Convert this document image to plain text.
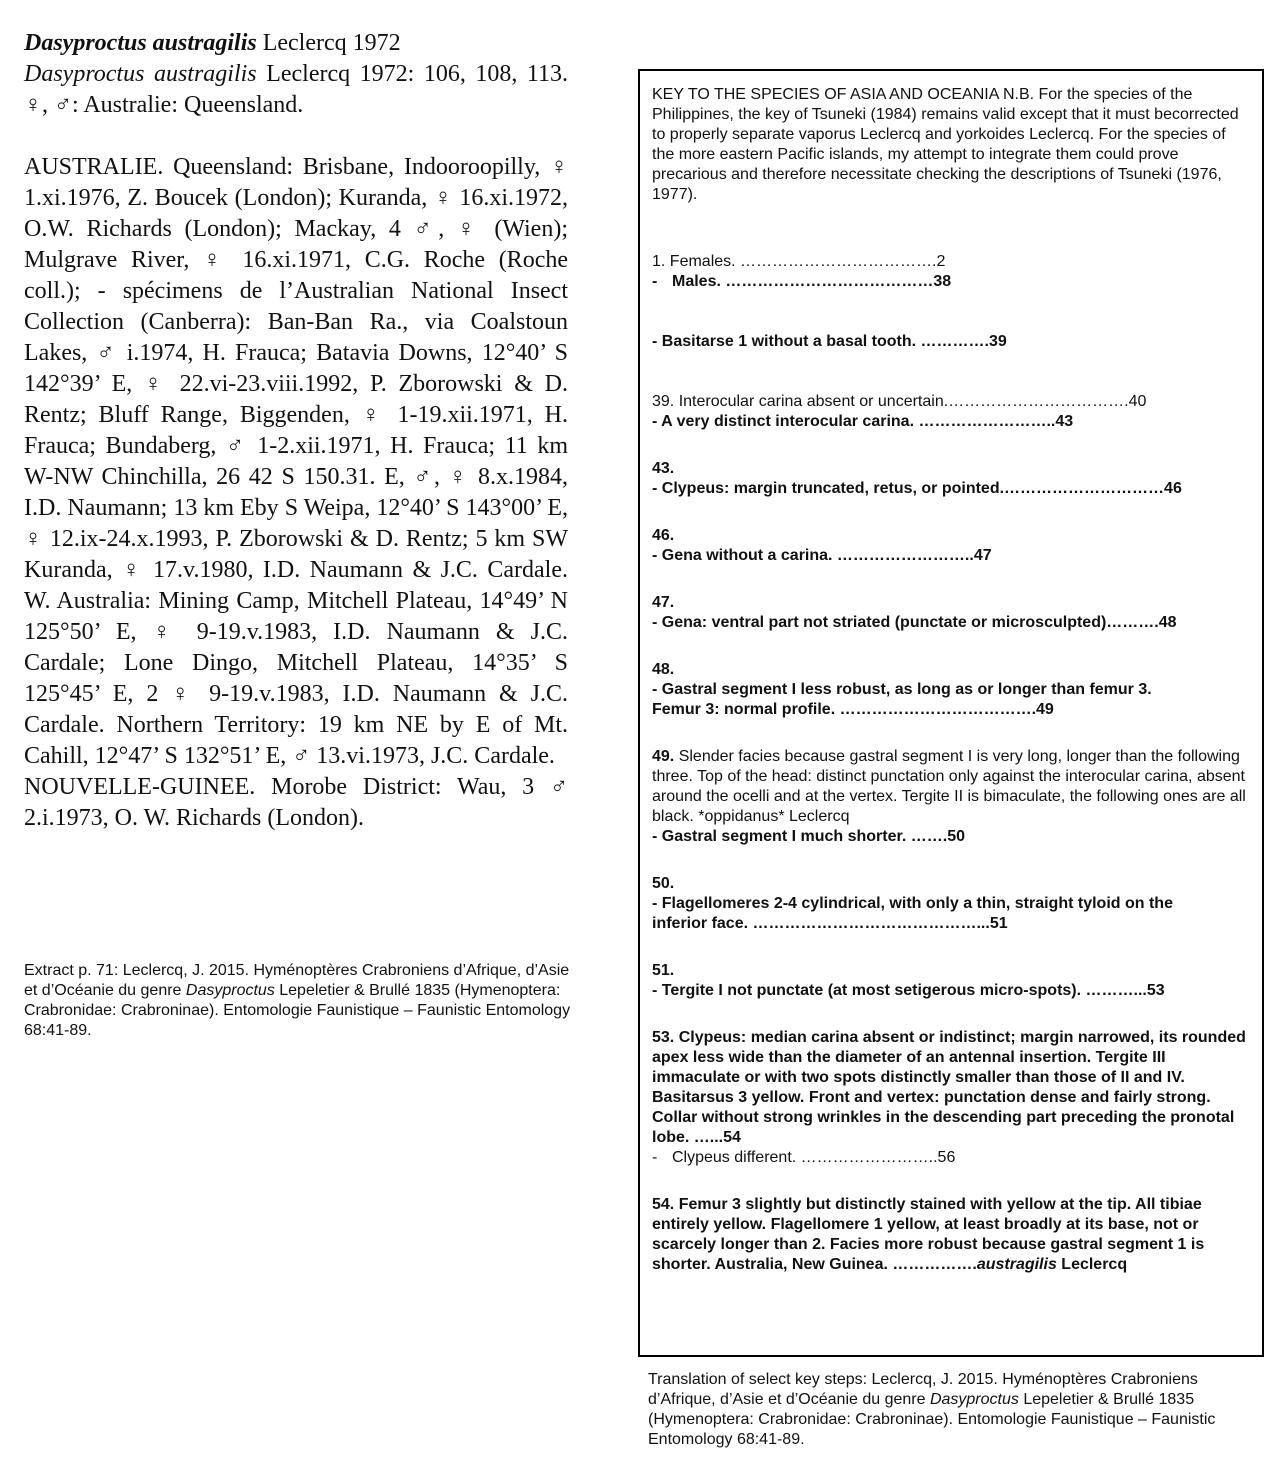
Dasyproctus austragilis Leclercq 1972

Dasyproctus austragilis Leclercq 1972: 106, 108, 113. ♀, ♂: Australie: Queensland.

AUSTRALIE. Queensland: Brisbane, Indooroopilly, ♀ 1.xi.1976, Z. Boucek (London); Kuranda, ♀ 16.xi.1972, O.W. Richards (London); Mackay, 4 ♂, ♀ (Wien); Mulgrave River, ♀ 16.xi.1971, C.G. Roche (Roche coll.); - spécimens de l’Australian National Insect Collection (Canberra): Ban-Ban Ra., via Coalstoun Lakes, ♂ i.1974, H. Frauca; Batavia Downs, 12°40’ S 142°39’ E, ♀ 22.vi-23.viii.1992, P. Zborowski & D. Rentz; Bluff Range, Biggenden, ♀ 1-19.xii.1971, H. Frauca; Bundaberg, ♂ 1-2.xii.1971, H. Frauca; 11 km W-NW Chinchilla, 26 42 S 150.31. E, ♂, ♀ 8.x.1984, I.D. Naumann; 13 km Eby S Weipa, 12°40’ S 143°00’ E, ♀ 12.ix-24.x.1993, P. Zborowski & D. Rentz; 5 km SW Kuranda, ♀ 17.v.1980, I.D. Naumann & J.C. Cardale. W. Australia: Mining Camp, Mitchell Plateau, 14°49’ N 125°50’ E, ♀ 9-19.v.1983, I.D. Naumann & J.C. Cardale; Lone Dingo, Mitchell Plateau, 14°35’ S 125°45’ E, 2 ♀ 9-19.v.1983, I.D. Naumann & J.C. Cardale. Northern Territory: 19 km NE by E of Mt. Cahill, 12°47’ S 132°51’ E, ♂ 13.vi.1973, J.C. Cardale.

NOUVELLE-GUINEE. Morobe District: Wau, 3 ♂ 2.i.1973, O. W. Richards (London).

Extract p. 71: Leclercq, J. 2015. Hyménoptères Crabroniens d’Afrique, d’Asie et d’Océanie du genre Dasyproctus Lepeletier & Brullé 1835 (Hymenoptera: Crabronidae: Crabroninae). Entomologie Faunistique – Faunistic Entomology 68:41-89.

KEY TO THE SPECIES OF ASIA AND OCEANIA N.B. For the species of the Philippines, the key of Tsuneki (1984) remains valid except that it must becorrected to properly separate vaporus Leclercq and yorkoides Leclercq. For the species of the more eastern Pacific islands, my attempt to integrate them could prove precarious and therefore necessitate checking the descriptions of Tsuneki (1976, 1977).

1. Females. ……………………………….2

- Males. …………………………………38

- Basitarse 1 without a basal tooth. ………….39

39. Interocular carina absent or uncertain.…………………………….40

- A very distinct interocular carina. ……………………..43

43.

- Clypeus: margin truncated, retus, or pointed.…………………………46

46.

- Gena without a carina. ……………………..47

47.

- Gena: ventral part not striated (punctate or microsculpted)……….48

48.

- Gastral segment I less robust, as long as or longer than femur 3.

Femur 3: normal profile. ……………………………….49

49. Slender facies because gastral segment I is very long, longer than the following three. Top of the head: distinct punctation only against the interocular carina, absent around the ocelli and at the vertex. Tergite II is bimaculate, the following ones are all black. *oppidanus* Leclercq

- Gastral segment I much shorter. …….50

50.

- Flagellomeres 2-4 cylindrical, with only a thin, straight tyloid on the

inferior face. ……………………………………...51

51.

- Tergite I not punctate (at most setigerous micro-spots). ………...53

53. Clypeus: median carina absent or indistinct; margin narrowed, its rounded apex less wide than the diameter of an antennal insertion. Tergite III immaculate or with two spots distinctly smaller than those of II and IV. Basitarsus 3 yellow. Front and vertex: punctation dense and fairly strong. Collar without strong wrinkles in the descending part preceding the pronotal lobe. …...54

- Clypeus different. ……………………..56

54. Femur 3 slightly but distinctly stained with yellow at the tip. All tibiae entirely yellow. Flagellomere 1 yellow, at least broadly at its base, not or scarcely longer than 2. Facies more robust because gastral segment 1 is shorter. Australia, New Guinea. …………….austragilis Leclercq

Translation of select key steps: Leclercq, J. 2015. Hyménoptères Crabroniens d’Afrique, d’Asie et d’Océanie du genre Dasyproctus Lepeletier & Brullé 1835 (Hymenoptera: Crabronidae: Crabroninae). Entomologie Faunistique – Faunistic Entomology 68:41-89.
